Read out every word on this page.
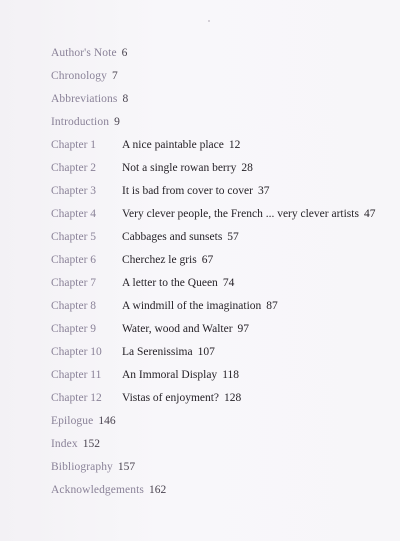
Author's Note 6
Chronology 7
Abbreviations 8
Introduction 9
Chapter 1 A nice paintable place 12
Chapter 2 Not a single rowan berry 28
Chapter 3 It is bad from cover to cover 37
Chapter 4 Very clever people, the French ... very clever artists 47
Chapter 5 Cabbages and sunsets 57
Chapter 6 Cherchez le gris 67
Chapter 7 A letter to the Queen 74
Chapter 8 A windmill of the imagination 87
Chapter 9 Water, wood and Walter 97
Chapter 10 La Serenissima 107
Chapter 11 An Immoral Display 118
Chapter 12 Vistas of enjoyment? 128
Epilogue 146
Index 152
Bibliography 157
Acknowledgements 162
